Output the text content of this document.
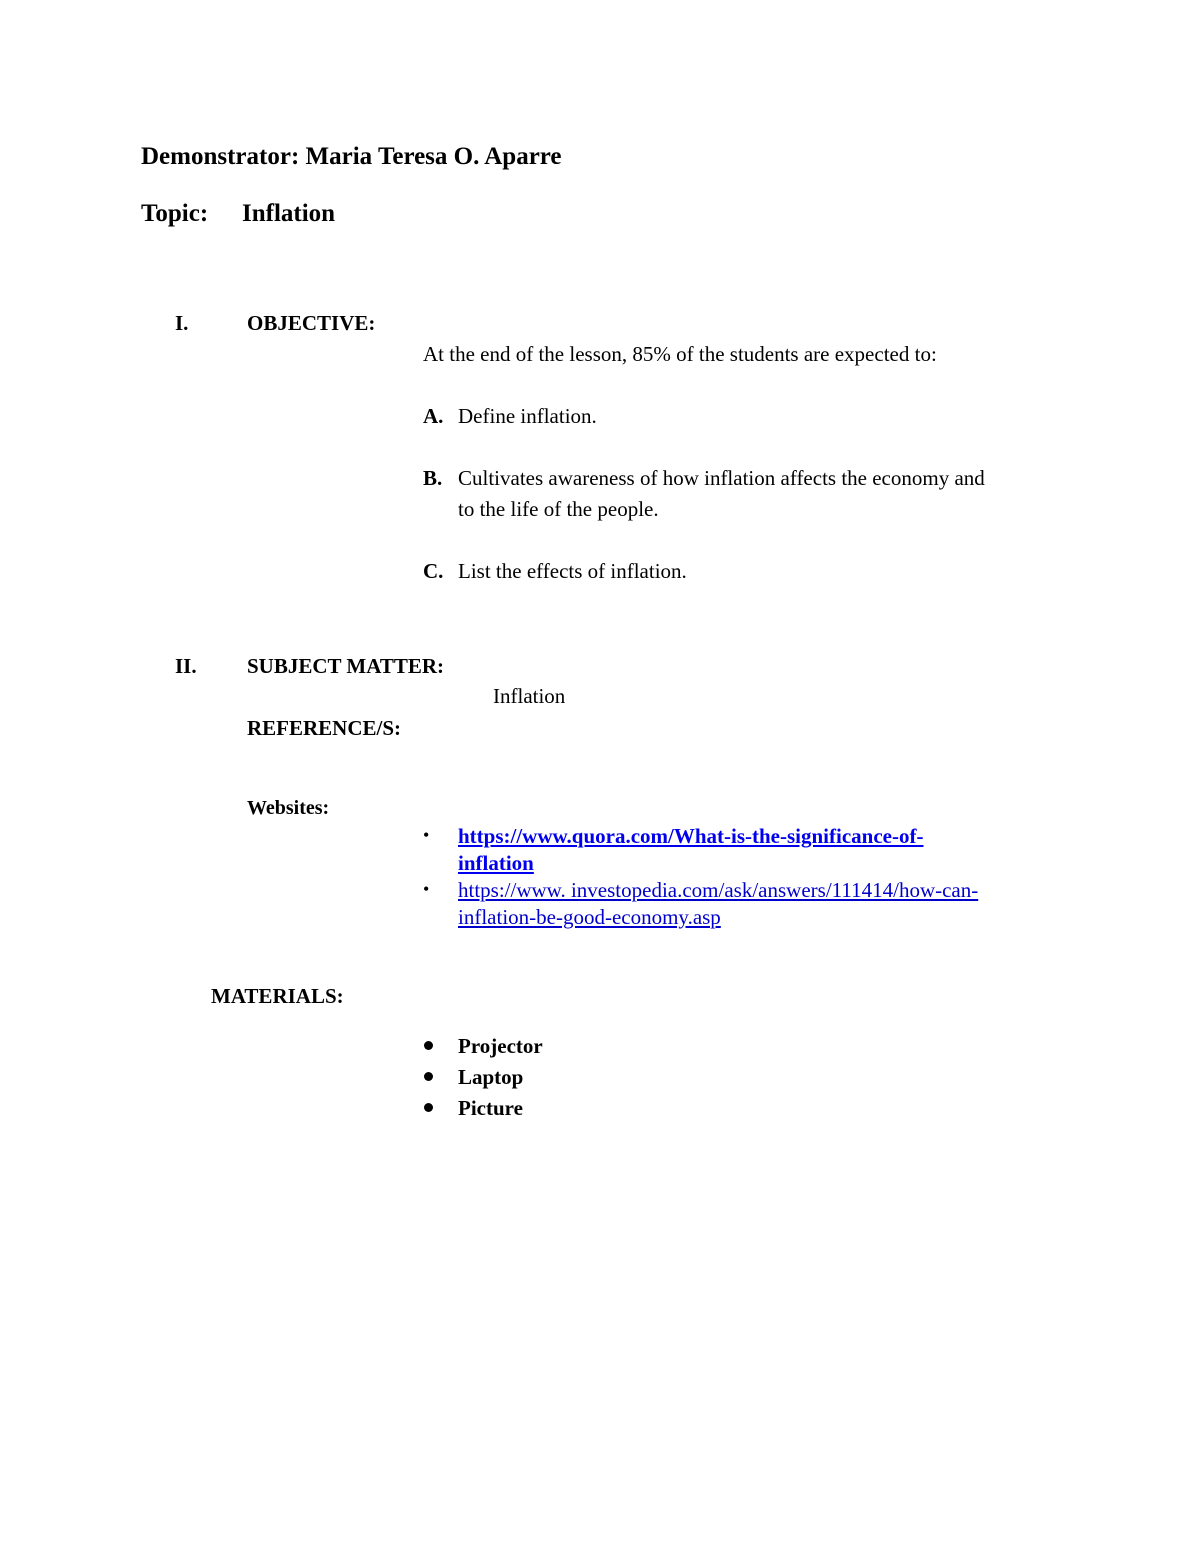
Demonstrator: Maria Teresa O. Aparre
Topic: Inflation
I.	OBJECTIVE:
At the end of the lesson, 85% of the students are expected to:
A. Define inflation.
B. Cultivates awareness of how inflation affects the economy and
to the life of the people.
C. List the effects of inflation.
II. SUBJECT MATTER:
Inflation
REFERENCE/S:
Websites:
• https://www.quora.com/What-is-the-significance-of-
inflation
• https://www. investopedia.com/ask/answers/111414/how-can-
inflation-be-good-economy.asp
MATERIALS:
Projector
Laptop
Picture
